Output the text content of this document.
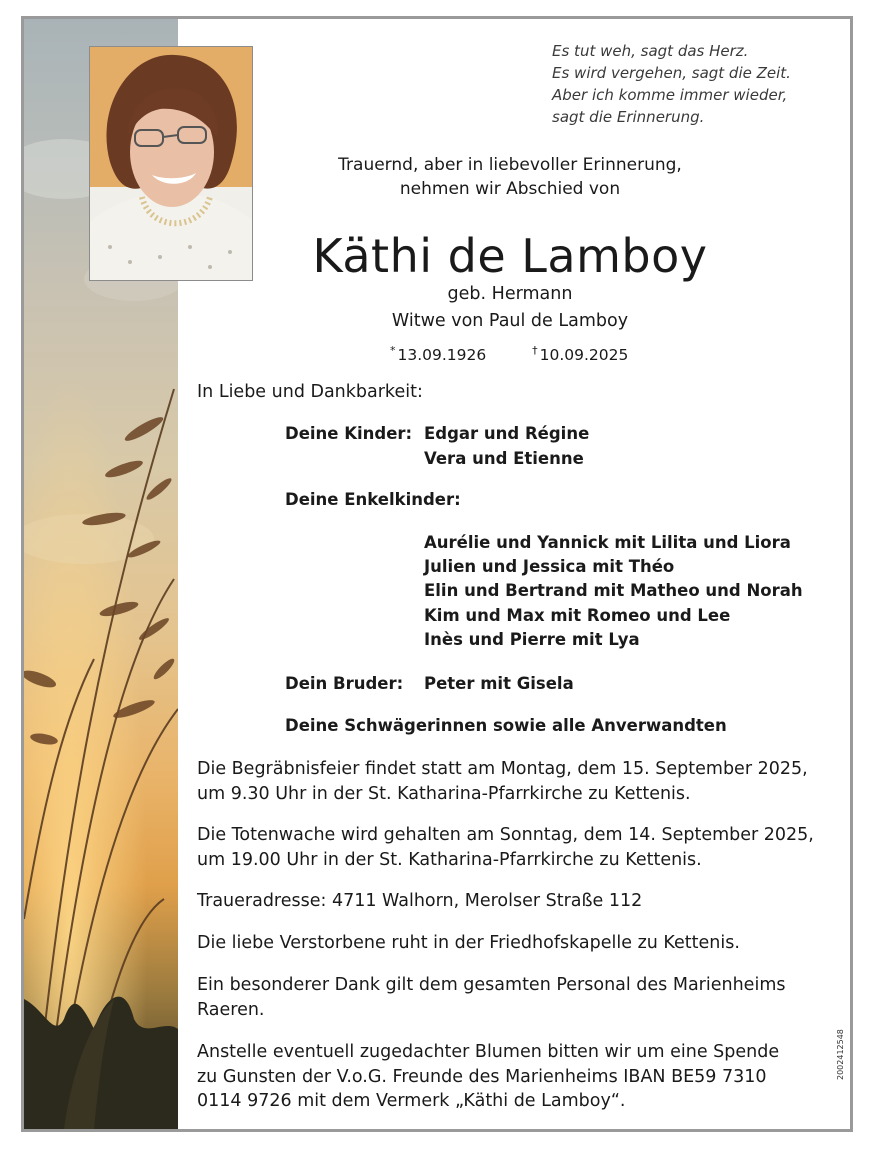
Es tut weh, sagt das Herz.
Es wird vergehen, sagt die Zeit.
Aber ich komme immer wieder,
sagt die Erinnerung.
Trauernd, aber in liebevoller Erinnerung,
nehmen wir Abschied von
Käthi de Lamboy
geb. Hermann
Witwe von Paul de Lamboy
* 13.09.1926	† 10.09.2025
In Liebe und Dankbarkeit:
Deine Kinder: Edgar und Régine
Vera und Etienne
Deine Enkelkinder:
Aurélie und Yannick mit Lilita und Liora
Julien und Jessica mit Théo
Elin und Bertrand mit Matheo und Norah
Kim und Max mit Romeo und Lee
Inès und Pierre mit Lya
Dein Bruder: Peter mit Gisela
Deine Schwägerinnen sowie alle Anverwandten
Die Begräbnisfeier findet statt am Montag, dem 15. September 2025,
um 9.30 Uhr in der St. Katharina-Pfarrkirche zu Kettenis.
Die Totenwache wird gehalten am Sonntag, dem 14. September 2025,
um 19.00 Uhr in der St. Katharina-Pfarrkirche zu Kettenis.
Traueradresse: 4711 Walhorn, Merolser Straße 112
Die liebe Verstorbene ruht in der Friedhofskapelle zu Kettenis.
Ein besonderer Dank gilt dem gesamten Personal des Marienheims
Raeren.
Anstelle eventuell zugedachter Blumen bitten wir um eine Spende
zu Gunsten der V.o.G. Freunde des Marienheims IBAN BE59 7310
0114 9726 mit dem Vermerk „Käthi de Lamboy“.
2002412548
